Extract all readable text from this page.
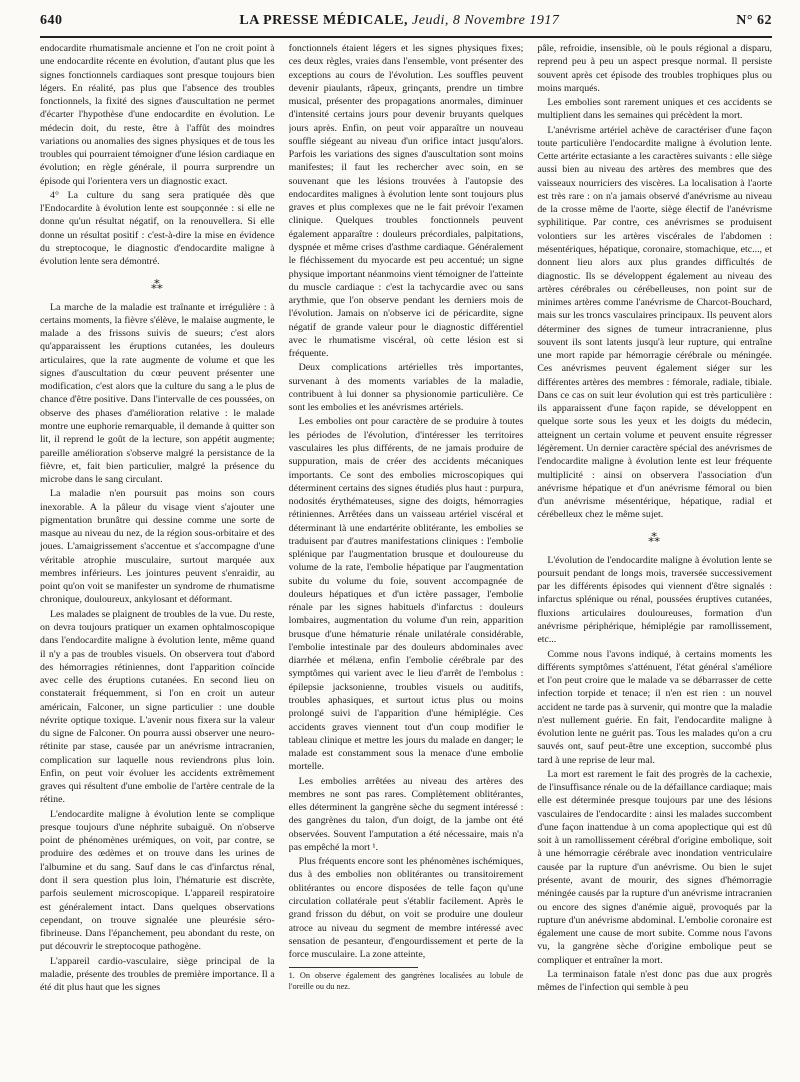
640	LA PRESSE MÉDICALE, Jeudi, 8 Novembre 1917	N° 62

endocardite rhumatismale ancienne et l'on ne croit point à une endocardite récente en évolution, d'autant plus que les signes fonctionnels cardiaques sont presque toujours bien légers. En réalité, pas plus que l'absence des troubles fonctionnels, la fixité des signes d'auscultation ne permet d'écarter l'hypothèse d'une endocardite en évolution. Le médecin doit, du reste, être à l'affût des moindres variations ou anomalies des signes physiques et de tous les troubles qui pourraient témoigner d'une lésion cardiaque en évolution; en règle générale, il pourra surprendre un épisode qui l'orientera vers un diagnostic exact.

4° La culture du sang sera pratiquée dès que l'Endocardite à évolution lente est soupçonnée : si elle ne donne qu'un résultat négatif, on la renouvellera. Si elle donne un résultat positif : c'est-à-dire la mise en évidence du streptocoque, le diagnostic d'endocardite maligne à évolution lente sera démontré.

⁂

La marche de la maladie est traînante et irrégulière : à certains moments, la fièvre s'élève, le malaise augmente, le malade a des frissons suivis de sueurs; c'est alors qu'apparaissent les éruptions cutanées, les douleurs articulaires, que la rate augmente de volume et que les signes d'auscultation du cœur peuvent présenter une modification, c'est alors que la culture du sang a le plus de chance d'être positive. Dans l'intervalle de ces poussées, on observe des phases d'amélioration relative : le malade montre une euphorie remarquable, il demande à quitter son lit, il reprend le goût de la lecture, son appétit augmente; pareille amélioration s'observe malgré la persistance de la fièvre, et, fait bien particulier, malgré la présence du microbe dans le sang circulant.

La maladie n'en poursuit pas moins son cours inexorable. A la pâleur du visage vient s'ajouter une pigmentation brunâtre qui dessine comme une sorte de masque au niveau du nez, de la région sous-orbitaire et des joues. L'amaigrissement s'accentue et s'accompagne d'une véritable atrophie musculaire, surtout marquée aux membres inférieurs. Les jointures peuvent s'enraidir, au point qu'on voit se manifester un syndrome de rhumatisme chronique, douloureux, ankylosant et déformant.

Les malades se plaignent de troubles de la vue. Du reste, on devra toujours pratiquer un examen ophtalmoscopique dans l'endocardite maligne à évolution lente, même quand il n'y a pas de troubles visuels. On observera tout d'abord des hémorragies rétiniennes, dont l'apparition coïncide avec celle des éruptions cutanées. En second lieu on constaterait fréquemment, si l'on en croit un auteur américain, Falconer, un signe particulier : une double névrite optique toxique. L'avenir nous fixera sur la valeur du signe de Falconer. On pourra aussi observer une neuro-rétinite par stase, causée par un anévrisme intracranien, complication sur laquelle nous reviendrons plus loin. Enfin, on peut voir évoluer les accidents extrêmement graves qui résultent d'une embolie de l'artère centrale de la rétine.

L'endocardite maligne à évolution lente se complique presque toujours d'une néphrite subaiguë. On n'observe point de phénomènes urémiques, on voit, par contre, se produire des œdèmes et on trouve dans les urines de l'albumine et du sang. Sauf dans le cas d'infarctus rénal, dont il sera question plus loin, l'hématurie est discrète, parfois seulement microscopique. L'appareil respiratoire est généralement intact. Dans quelques observations cependant, on trouve signalée une pleurésie séro-fibrineuse. Dans l'épanchement, peu abondant du reste, on put découvrir le streptocoque pathogène.

L'appareil cardio-vasculaire, siège principal de la maladie, présente des troubles de première importance. Il a été dit plus haut que les signes

fonctionnels étaient légers et les signes physiques fixes; ces deux règles, vraies dans l'ensemble, vont présenter des exceptions au cours de l'évolution. Les souffles peuvent devenir piaulants, râpeux, grinçants, prendre un timbre musical, présenter des propagations anormales, diminuer d'intensité certains jours pour devenir bruyants quelques jours après. Enfin, on peut voir apparaître un nouveau souffle siégeant au niveau d'un orifice intact jusqu'alors. Parfois les variations des signes d'auscultation sont moins manifestes; il faut les rechercher avec soin, en se souvenant que les lésions trouvées à l'autopsie des endocardites malignes à évolution lente sont toujours plus graves et plus complexes que ne le fait prévoir l'examen clinique. Quelques troubles fonctionnels peuvent également apparaître : douleurs précordiales, palpitations, dyspnée et même crises d'asthme cardiaque. Généralement le fléchissement du myocarde est peu accentué; un signe physique important néanmoins vient témoigner de l'atteinte du muscle cardiaque : c'est la tachycardie avec ou sans arythmie, que l'on observe pendant les derniers mois de l'évolution. Jamais on n'observe ici de péricardite, signe négatif de grande valeur pour le diagnostic différentiel avec le rhumatisme viscéral, où cette lésion est si fréquente.

Deux complications artérielles très importantes, survenant à des moments variables de la maladie, contribuent à lui donner sa physionomie particulière. Ce sont les embolies et les anévrismes artériels.

Les embolies ont pour caractère de se produire à toutes les périodes de l'évolution, d'intéresser les territoires vasculaires les plus différents, de ne jamais produire de suppuration, mais de créer des accidents mécaniques importants. Ce sont des embolies microscopiques qui déterminent certains des signes étudiés plus haut : purpura, nodosités érythémateuses, signe des doigts, hémorragies rétiniennes. Arrêtées dans un vaisseau artériel viscéral et déterminant là une endartérite oblitérante, les embolies se traduisent par d'autres manifestations cliniques : l'embolie splénique par l'augmentation brusque et douloureuse du volume de la rate, l'embolie hépatique par l'augmentation subite du volume du foie, souvent accompagnée de douleurs hépatiques et d'un ictère passager, l'embolie rénale par les signes habituels d'infarctus : douleurs lombaires, augmentation du volume d'un rein, apparition brusque d'une hématurie rénale unilatérale considérable, l'embolie intestinale par des douleurs abdominales avec diarrhée et mélæna, enfin l'embolie cérébrale par des symptômes qui varient avec le lieu d'arrêt de l'embolus : épilepsie jacksonienne, troubles visuels ou auditifs, troubles aphasiques, et surtout ictus plus ou moins prolongé suivi de l'apparition d'une hémiplégie. Ces accidents graves viennent tout d'un coup modifier le tableau clinique et mettre les jours du malade en danger; le malade est constamment sous la menace d'une embolie mortelle.

Les embolies arrêtées au niveau des artères des membres ne sont pas rares. Complètement oblitérantes, elles déterminent la gangrène sèche du segment intéressé : des gangrènes du talon, d'un doigt, de la jambe ont été observées. Souvent l'amputation a été nécessaire, mais n'a pas empêché la mort ¹.

Plus fréquents encore sont les phénomènes ischémiques, dus à des embolies non oblitérantes ou transitoirement oblitérantes ou encore disposées de telle façon qu'une circulation collatérale peut s'établir facilement. Après le grand frisson du début, on voit se produire une douleur atroce au niveau du segment de membre intéressé avec sensation de pesanteur, d'engourdissement et perte de la force musculaire. La zone atteinte,

1. On observe également des gangrènes localisées au lobule de l'oreille ou du nez.

pâle, refroidie, insensible, où le pouls régional a disparu, reprend peu à peu un aspect presque normal. Il persiste souvent après cet épisode des troubles trophiques plus ou moins marqués.

Les embolies sont rarement uniques et ces accidents se multiplient dans les semaines qui précèdent la mort.

L'anévrisme artériel achève de caractériser d'une façon toute particulière l'endocardite maligne à évolution lente. Cette artérite ectasiante a les caractères suivants : elle siège aussi bien au niveau des artères des membres que des vaisseaux nourriciers des viscères. La localisation à l'aorte est très rare : on n'a jamais observé d'anévrisme au niveau de la crosse même de l'aorte, siège électif de l'anévrisme syphilitique. Par contre, ces anévrismes se produisent volontiers sur les artères viscérales de l'abdomen : mésentériques, hépatique, coronaire, stomachique, etc..., et donnent lieu alors aux plus grandes difficultés de diagnostic. Ils se développent également au niveau des artères cérébrales ou cérébelleuses, non point sur de minimes artères comme l'anévrisme de Charcot-Bouchard, mais sur les troncs vasculaires principaux. Ils peuvent alors déterminer des signes de tumeur intracranienne, plus souvent ils sont latents jusqu'à leur rupture, qui entraîne une mort rapide par hémorragie cérébrale ou méningée. Ces anévrismes peuvent également siéger sur les différentes artères des membres : fémorale, radiale, tibiale. Dans ce cas on suit leur évolution qui est très particulière : ils apparaissent d'une façon rapide, se développent en quelque sorte sous les yeux et les doigts du médecin, atteignent un certain volume et peuvent ensuite régresser légèrement. Un dernier caractère spécial des anévrismes de l'endocardite maligne à évolution lente est leur fréquente multiplicité : ainsi on observera l'association d'un anévrisme hépatique et d'un anévrisme fémoral ou bien d'un anévrisme mésentérique, hépatique, radial et cérébelleux chez le même sujet.

⁂

L'évolution de l'endocardite maligne à évolution lente se poursuit pendant de longs mois, traversée successivement par les différents épisodes qui viennent d'être signalés : infarctus splénique ou rénal, poussées éruptives cutanées, fluxions articulaires douloureuses, formation d'un anévrisme périphérique, hémiplégie par ramollissement, etc...

Comme nous l'avons indiqué, à certains moments les différents symptômes s'atténuent, l'état général s'améliore et l'on peut croire que le malade va se débarrasser de cette infection torpide et tenace; il n'en est rien : un nouvel accident ne tarde pas à survenir, qui montre que la maladie n'est nullement guérie. En fait, l'endocardite maligne à évolution lente ne guérit pas. Tous les malades qu'on a cru sauvés ont, sauf peut-être une exception, succombé plus tard à une reprise de leur mal.

La mort est rarement le fait des progrès de la cachexie, de l'insuffisance rénale ou de la défaillance cardiaque; mais elle est déterminée presque toujours par une des lésions vasculaires de l'endocardite : ainsi les malades succombent d'une façon inattendue à un coma apoplectique qui est dû soit à un ramollissement cérébral d'origine embolique, soit à une hémorragie cérébrale avec inondation ventriculaire causée par la rupture d'un anévrisme. Ou bien le sujet présente, avant de mourir, des signes d'hémorragie méningée causés par la rupture d'un anévrisme intracranien ou encore des signes d'anémie aiguë, provoqués par la rupture d'un anévrisme abdominal. L'embolie coronaire est également une cause de mort subite. Comme nous l'avons vu, la gangrène sèche d'origine embolique peut se compliquer et entraîner la mort.

La terminaison fatale n'est donc pas due aux progrès mêmes de l'infection qui semble à peu
